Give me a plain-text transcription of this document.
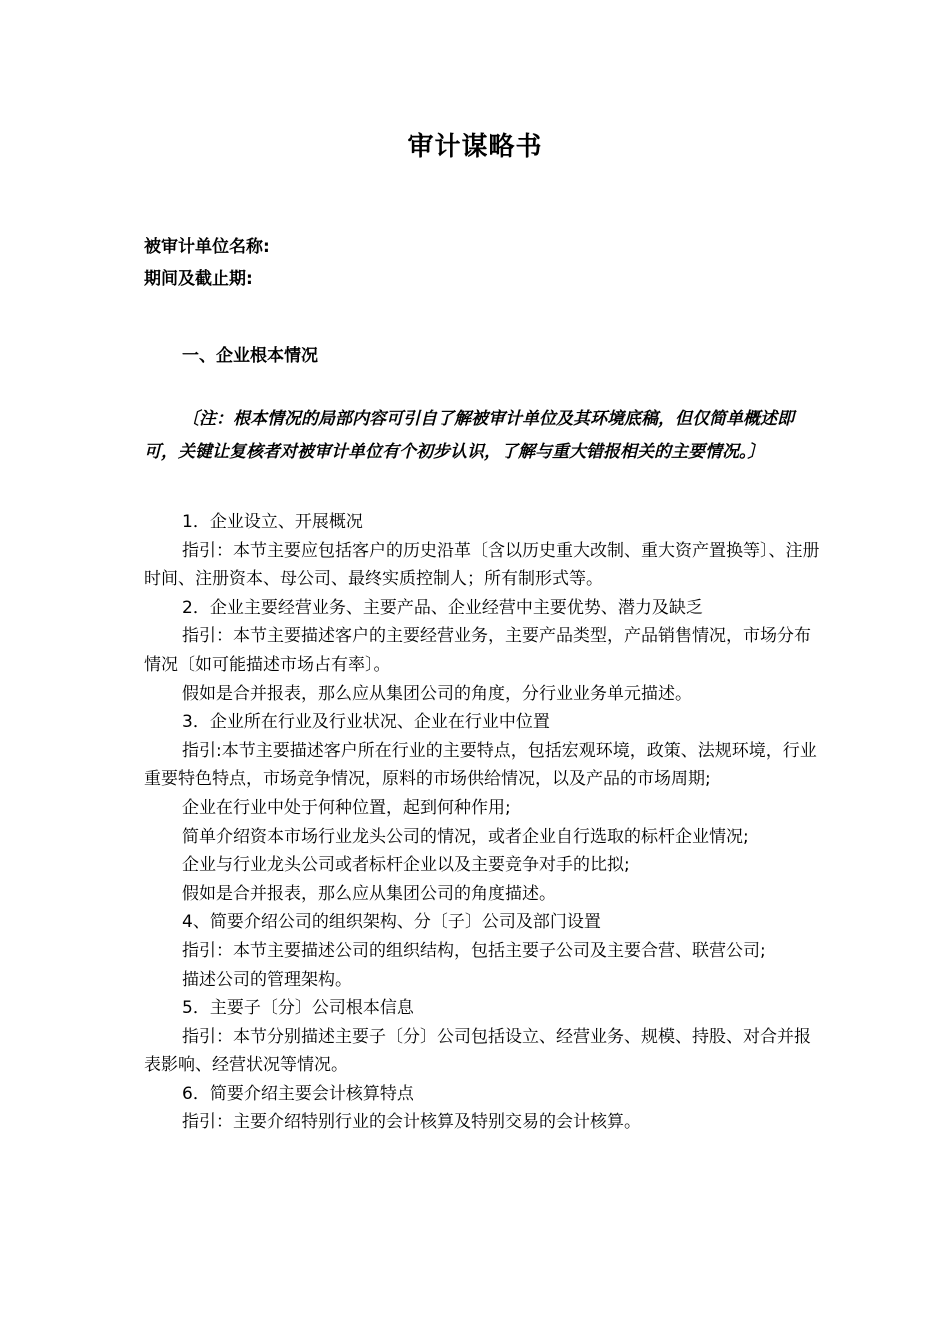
审计谋略书
被审计单位名称:
期间及截止期:
一、企业根本情况
〔注：根本情况的局部内容可引自了解被审计单位及其环境底稿，但仅简单概述即可，关键让复核者对被审计单位有个初步认识，了解与重大错报相关的主要情况。〕

1．企业设立、开展概况

指引：本节主要应包括客户的历史沿革〔含以历史重大改制、重大资产置换等〕、注册时间、注册资本、母公司、最终实质控制人；所有制形式等。

2．企业主要经营业务、主要产品、企业经营中主要优势、潜力及缺乏

指引：本节主要描述客户的主要经营业务，主要产品类型，产品销售情况，市场分布情况〔如可能描述市场占有率〕。

假如是合并报表，那么应从集团公司的角度，分行业业务单元描述。

3．企业所在行业及行业状况、企业在行业中位置

指引:本节主要描述客户所在行业的主要特点，包括宏观环境，政策、法规环境，行业重要特色特点，市场竞争情况，原料的市场供给情况，以及产品的市场周期;

企业在行业中处于何种位置，起到何种作用;

简单介绍资本市场行业龙头公司的情况，或者企业自行选取的标杆企业情况;

企业与行业龙头公司或者标杆企业以及主要竞争对手的比拟;

假如是合并报表，那么应从集团公司的角度描述。

4、简要介绍公司的组织架构、分〔子〕公司及部门设置

指引：本节主要描述公司的组织结构，包括主要子公司及主要合营、联营公司;

描述公司的管理架构。

5．主要子〔分〕公司根本信息

指引：本节分别描述主要子〔分〕公司包括设立、经营业务、规模、持股、对合并报表影响、经营状况等情况。

6．简要介绍主要会计核算特点

指引：主要介绍特别行业的会计核算及特别交易的会计核算。
